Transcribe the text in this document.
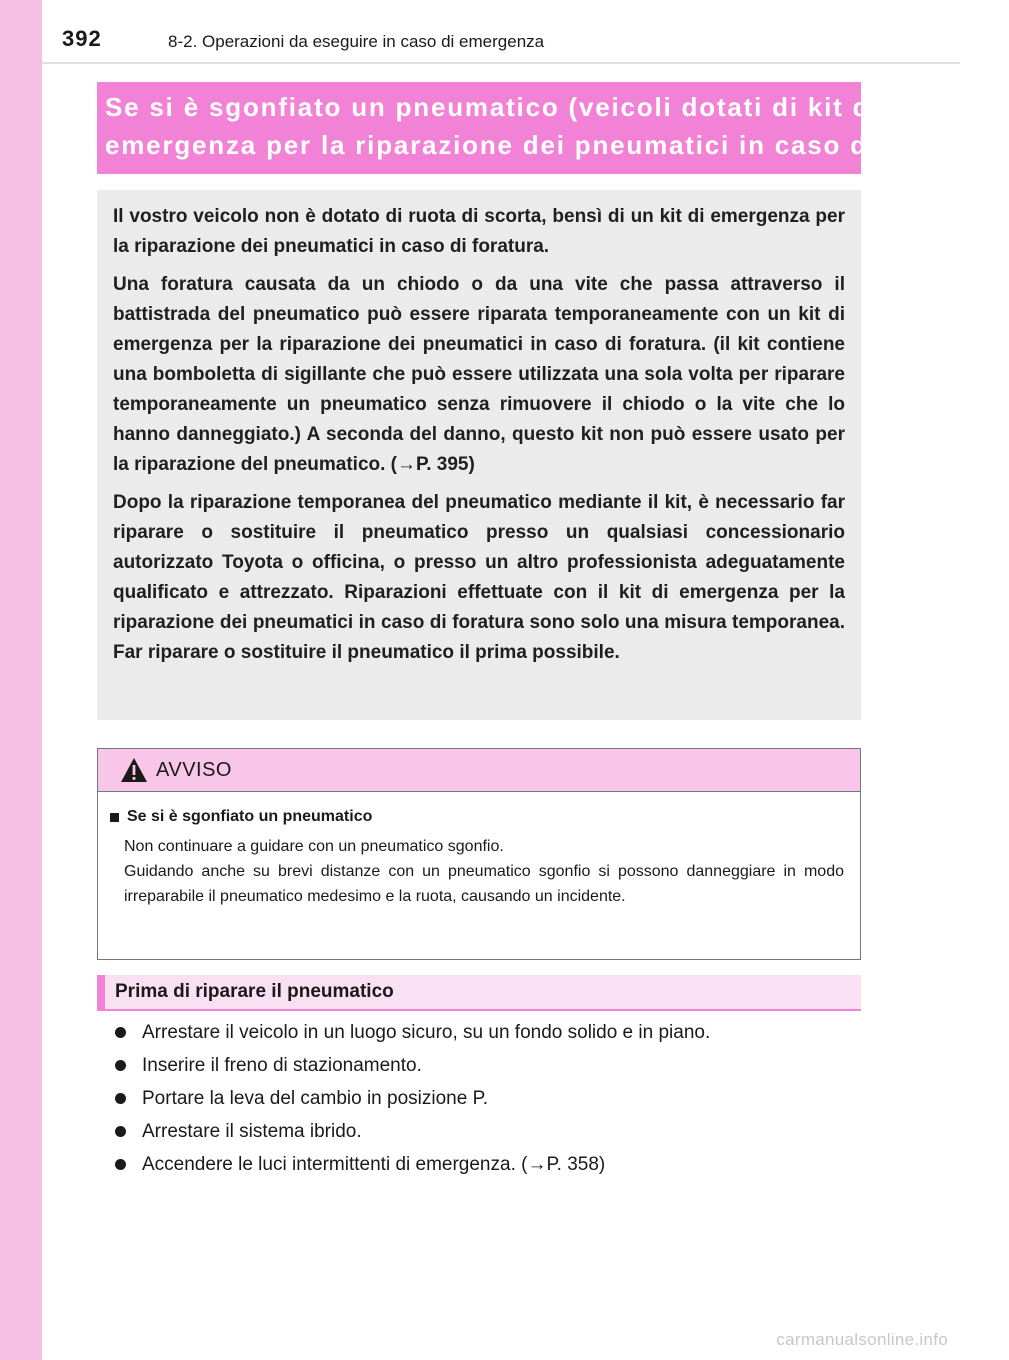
392	8-2. Operazioni da eseguire in caso di emergenza
Se si è sgonfiato un pneumatico (veicoli dotati di kit di
emergenza per la riparazione dei pneumatici in caso di foratura)

Il vostro veicolo non è dotato di ruota di scorta, bensì di un kit di emergenza per la riparazione dei pneumatici in caso di foratura.

Una foratura causata da un chiodo o da una vite che passa attraverso il battistrada del pneumatico può essere riparata temporaneamente con un kit di emergenza per la riparazione dei pneumatici in caso di foratura. (il kit contiene una bomboletta di sigillante che può essere utilizzata una sola volta per riparare temporaneamente un pneumatico senza rimuovere il chiodo o la vite che lo hanno danneggiato.) A seconda del danno, questo kit non può essere usato per la riparazione del pneumatico. (→P. 395)

Dopo la riparazione temporanea del pneumatico mediante il kit, è necessario far riparare o sostituire il pneumatico presso un qualsiasi concessionario autorizzato Toyota o officina, o presso un altro professionista adeguatamente qualificato e attrezzato. Riparazioni effettuate con il kit di emergenza per la riparazione dei pneumatici in caso di foratura sono solo una misura temporanea. Far riparare o sostituire il pneumatico il prima possibile.

AVVISO
Se si è sgonfiato un pneumatico

Non continuare a guidare con un pneumatico sgonfio.

Guidando anche su brevi distanze con un pneumatico sgonfio si possono danneggiare in modo irreparabile il pneumatico medesimo e la ruota, causando un incidente.

Prima di riparare il pneumatico
Arrestare il veicolo in un luogo sicuro, su un fondo solido e in piano.
Inserire il freno di stazionamento.
Portare la leva del cambio in posizione P.
Arrestare il sistema ibrido.
Accendere le luci intermittenti di emergenza. (→P. 358)
carmanualsonline.info
